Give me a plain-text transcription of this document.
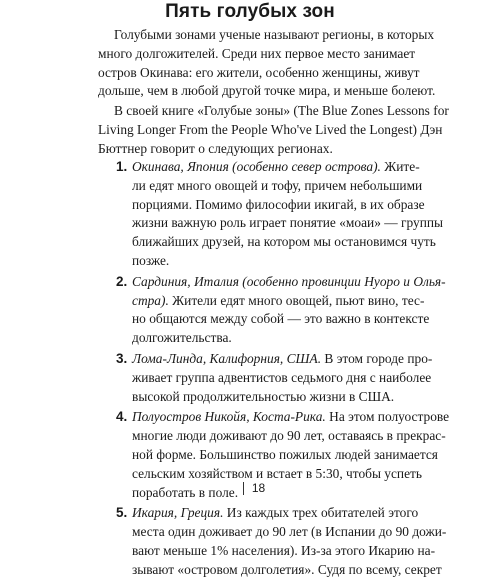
Пять голубых зон
Голубыми зонами ученые называют регионы, в которых
много долгожителей. Среди них первое место занимает
остров Окинава: его жители, особенно женщины, живут
дольше, чем в любой другой точке мира, и меньше болеют.
В своей книге «Голубые зоны» (The Blue Zones Lessons for
Living Longer From the People Who've Lived the Longest) Дэн
Бюттнер говорит о следующих регионах.
1. Окинава, Япония (особенно север острова). Жите-
ли едят много овощей и тофу, причем небольшими
порциями. Помимо философии икигай, в их образе
жизни важную роль играет понятие «моаи» — группы
ближайших друзей, на котором мы остановимся чуть
позже.
2. Сардиния, Италия (особенно провинции Нуоро и Олья-
стра). Жители едят много овощей, пьют вино, тес-
но общаются между собой — это важно в контексте
долгожительства.
3. Лома-Линда, Калифорния, США. В этом городе про-
живает группа адвентистов седьмого дня с наиболее
высокой продолжительностью жизни в США.
4. Полуостров Никойя, Коста-Рика. На этом полуострове
многие люди доживают до 90 лет, оставаясь в прекрас-
ной форме. Большинство пожилых людей занимается
сельским хозяйством и встает в 5:30, чтобы успеть
поработать в поле.
5. Икария, Греция. Из каждых трех обитателей этого
места один доживает до 90 лет (в Испании до 90 дожи-
вают меньше 1% населения). Из-за этого Икарию на-
зывают «островом долголетия». Судя по всему, секрет
18
